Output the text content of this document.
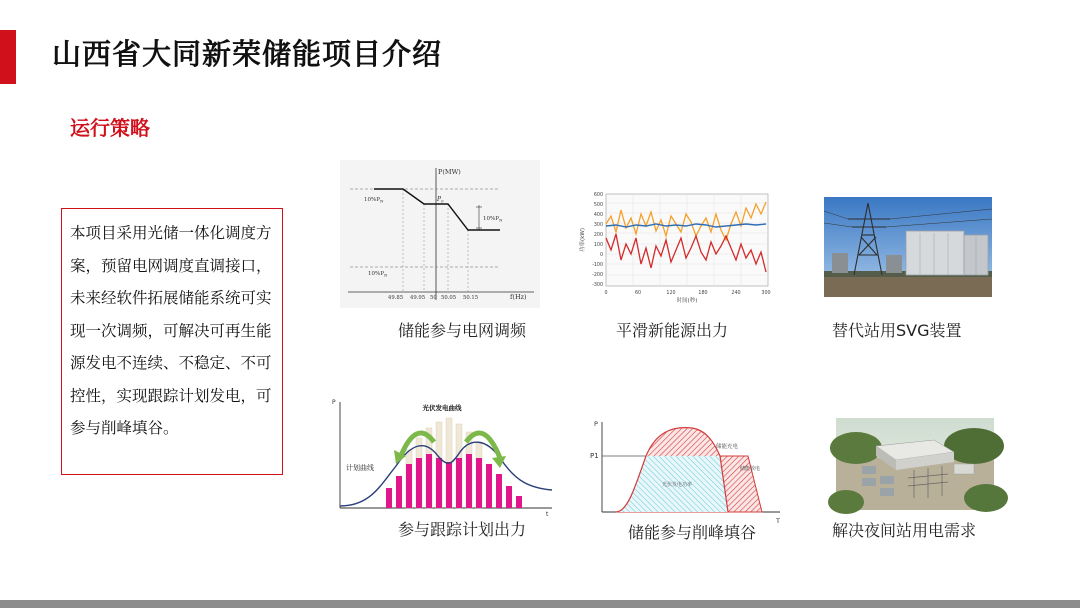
山西省大同新荣储能项目介绍
运行策略

本项目采用光储一体化调度方案，预留电网调度直调接口，未来经软件拓展储能系统可实现一次调频，可解决可再生能源发电不连续、不稳定、不可控性，实现跟踪计划发电，可参与削峰填谷。

P(MW)
f(Hz)
$10\%P_N$
$10\%P_N$
$10\%P_N$
$P_0$
49.85 49.95 50 50.05 50.15
储能参与电网调频
600
500
400
300
200
100
0
-100
-200
-300
0	60	120	180	240	300
时间(秒)
功率(kW)
平滑新能源出力	替代站用SVG装置
P
t
光伏发电曲线
计划曲线
参与跟踪计划出力
P
T
P1
储能充电
储能放电
光伏发电功率
储能参与削峰填谷	解决夜间站用电需求
